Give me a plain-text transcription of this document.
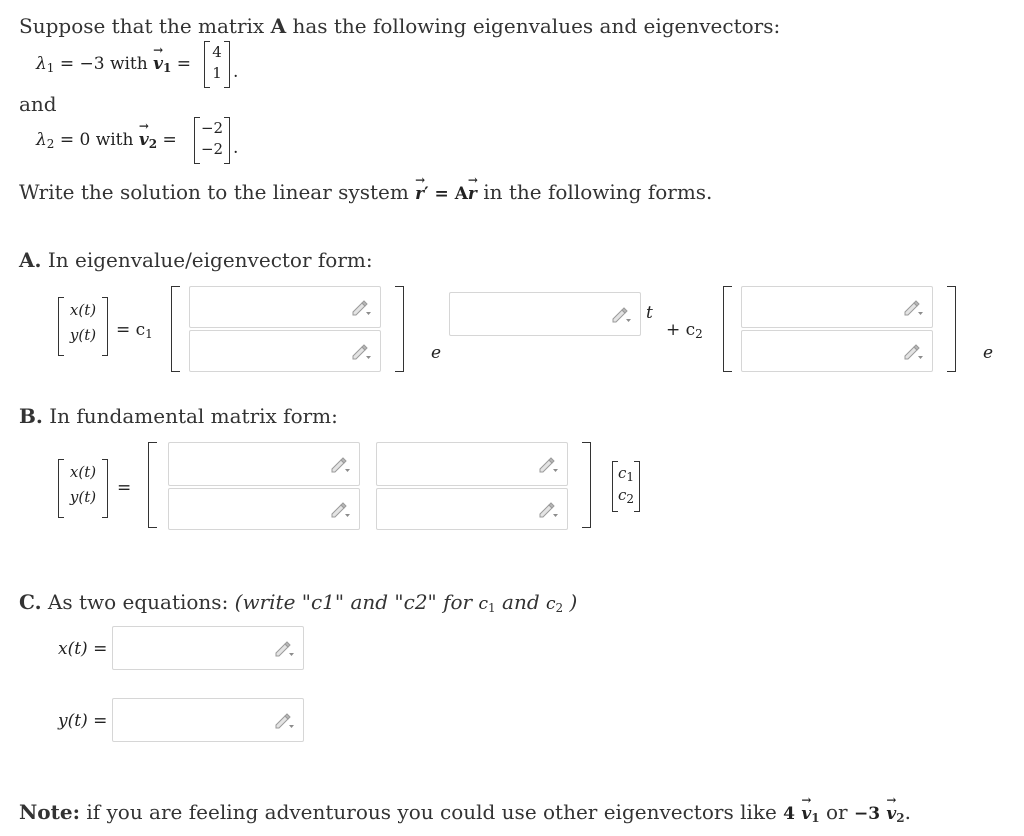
Suppose that the matrix A has the following eigenvalues and eigenvectors:
$\lambda_1 = -3$ with → $v_1$ =
4
1 .
and
$\lambda_2 = 0$ with → $v_2$ =
−2
−2 .
Write the solution to the linear system → r′ = A→ r in the following forms.
A. In eigenvalue/eigenvector form:
x(t)
y(t)	= $c_1$
e
t
+ $c_2$
e
B. In fundamental matrix form:
x(t)
y(t)	=
$c_1$
$c_2$
C. As two equations: (write "c1" and "c2" for $c_1$ and $c_2$ )
x(t) =
y(t) =
Note: if you are feeling adventurous you could use other eigenvectors like $4 \to v_1$ or $-3 \to v_2$.
